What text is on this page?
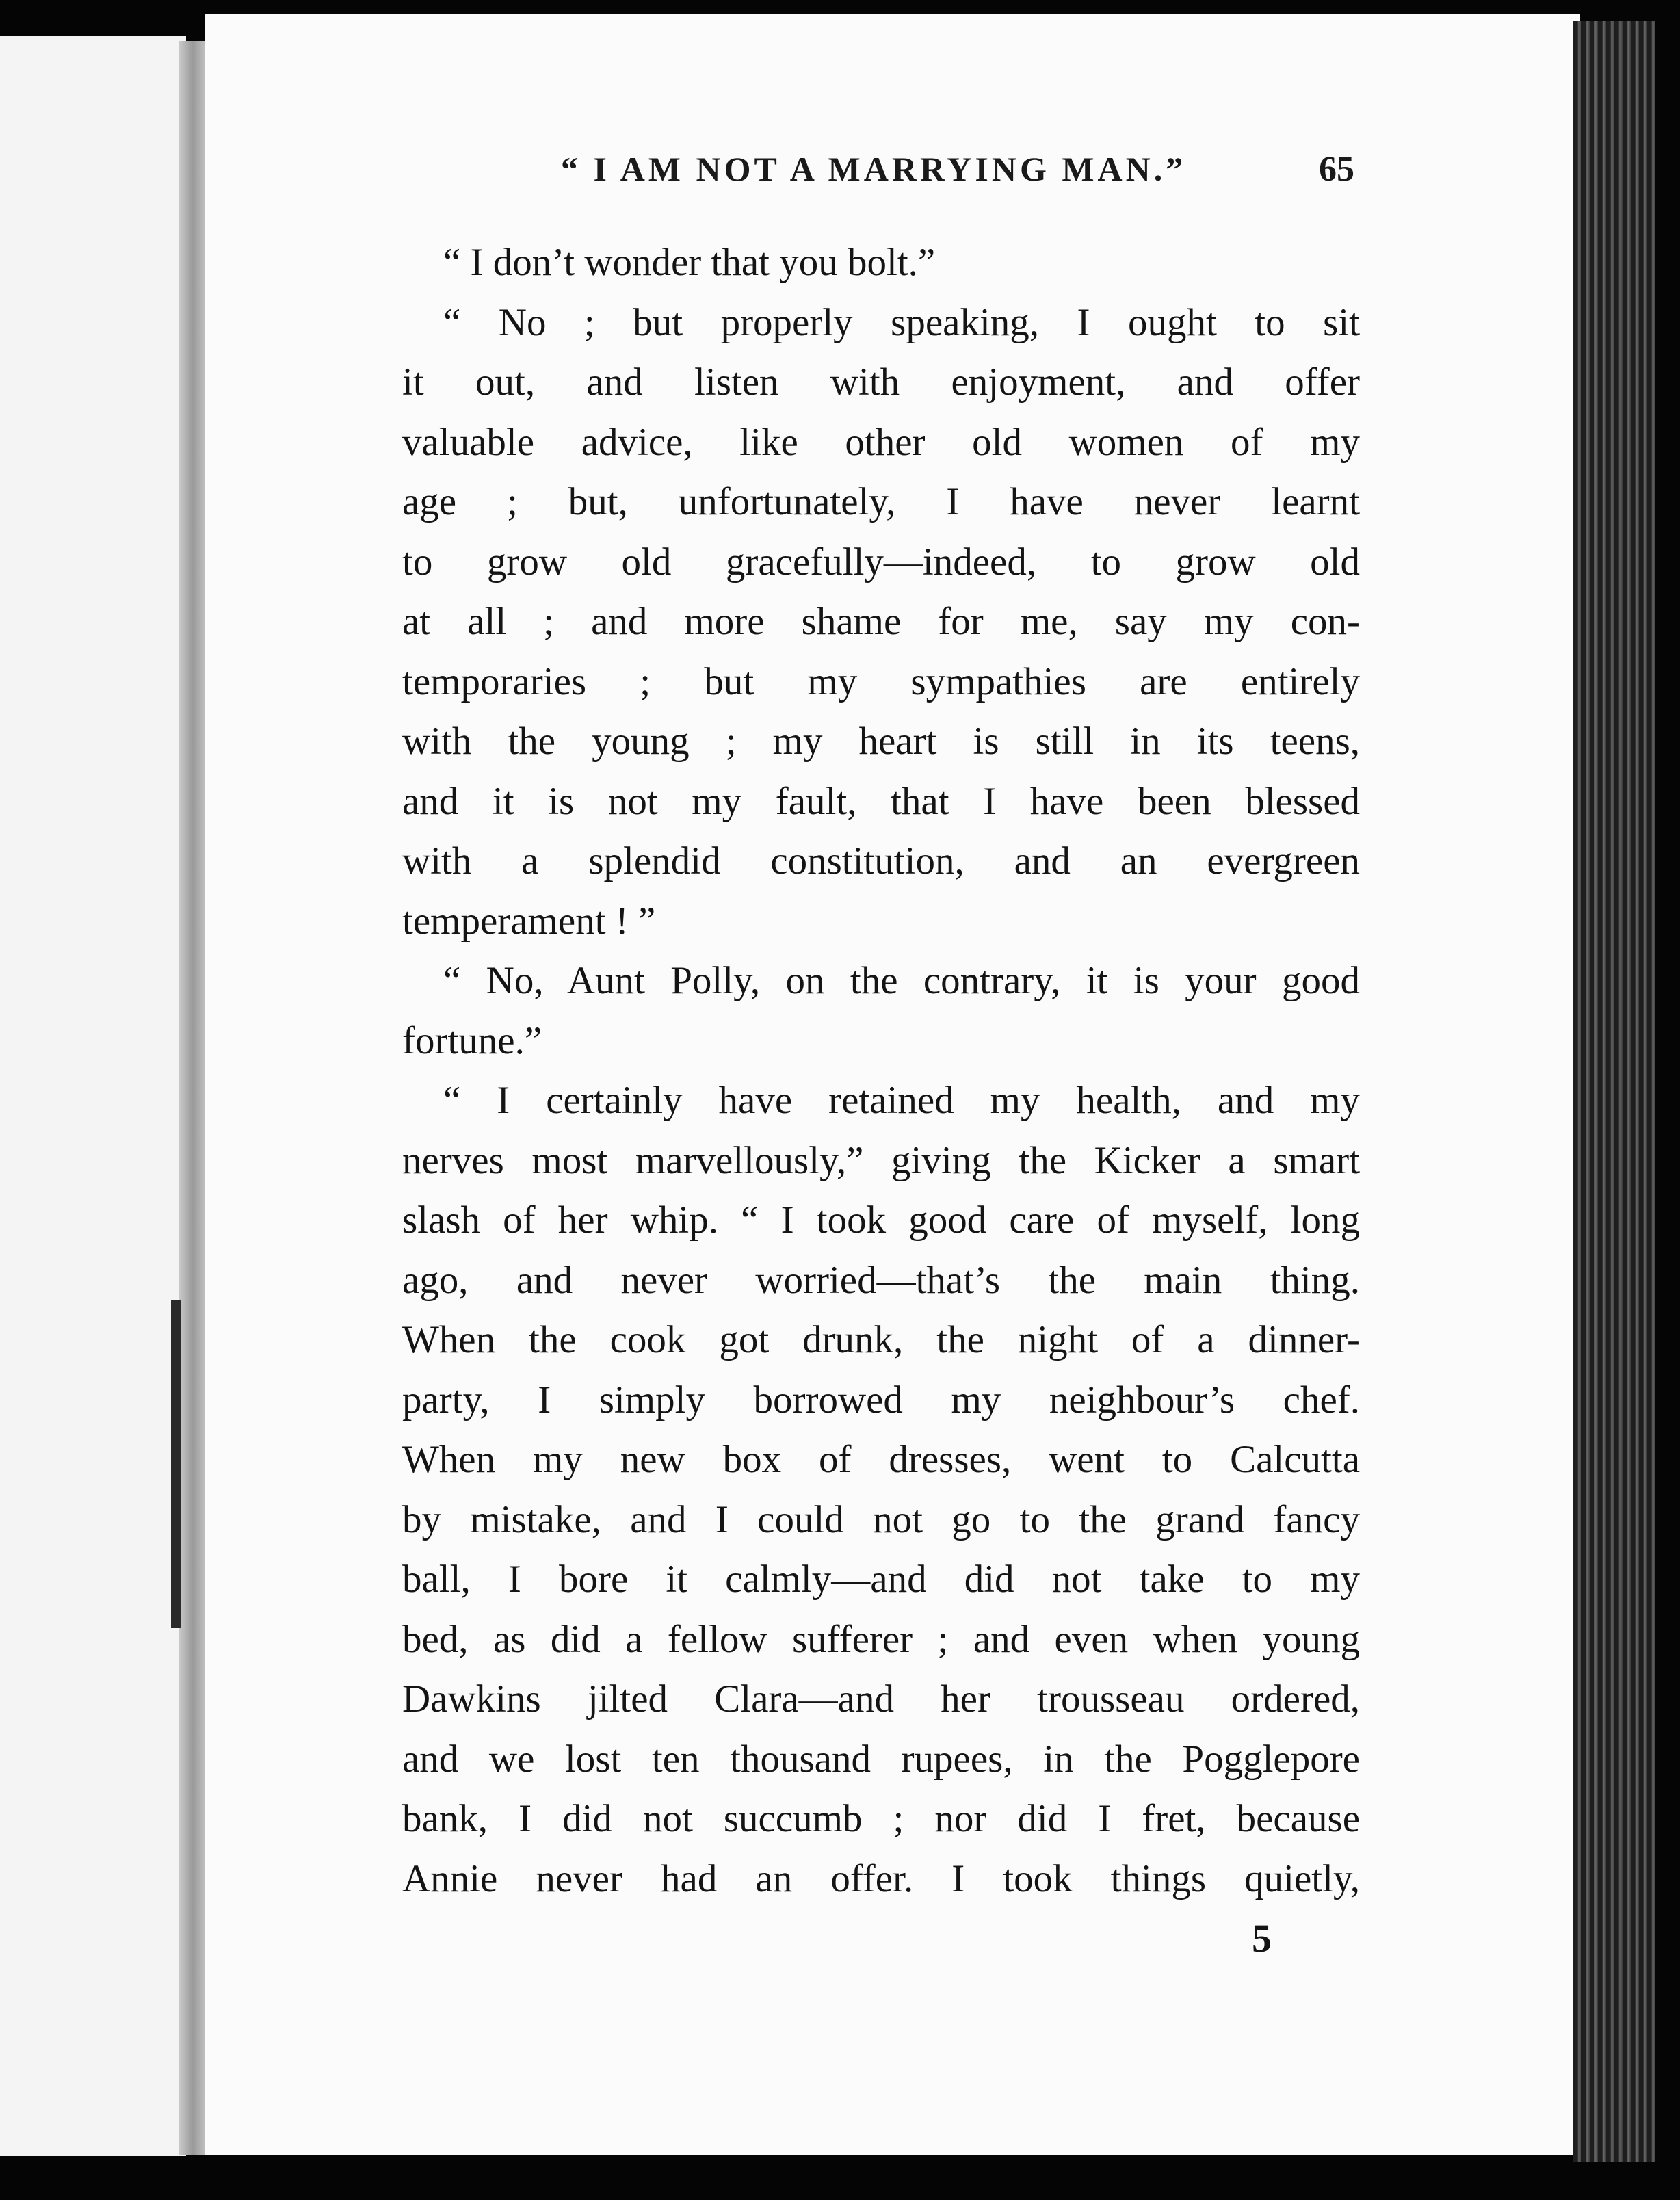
“ I AM NOT A MARRYING MAN.”	65
“ I don’t wonder that you bolt.”
“ No ; but properly speaking, I ought to sit
it out, and listen with enjoyment, and offer
valuable advice, like other old women of my
age ; but, unfortunately, I have never learnt
to grow old gracefully—indeed, to grow old
at all ; and more shame for me, say my con-
temporaries ; but my sympathies are entirely
with the young ; my heart is still in its teens,
and it is not my fault, that I have been blessed
with a splendid constitution, and an evergreen
temperament ! ”
“ No, Aunt Polly, on the contrary, it is your good
fortune.”
“ I certainly have retained my health, and my
nerves most marvellously,” giving the Kicker a smart
slash of her whip. “ I took good care of myself, long
ago, and never worried—that’s the main thing.
When the cook got drunk, the night of a dinner-
party, I simply borrowed my neighbour’s chef.
When my new box of dresses, went to Calcutta
by mistake, and I could not go to the grand fancy
ball, I bore it calmly—and did not take to my
bed, as did a fellow sufferer ; and even when young
Dawkins jilted Clara—and her trousseau ordered,
and we lost ten thousand rupees, in the Pogglepore
bank, I did not succumb ; nor did I fret, because
Annie never had an offer. I took things quietly,
5
